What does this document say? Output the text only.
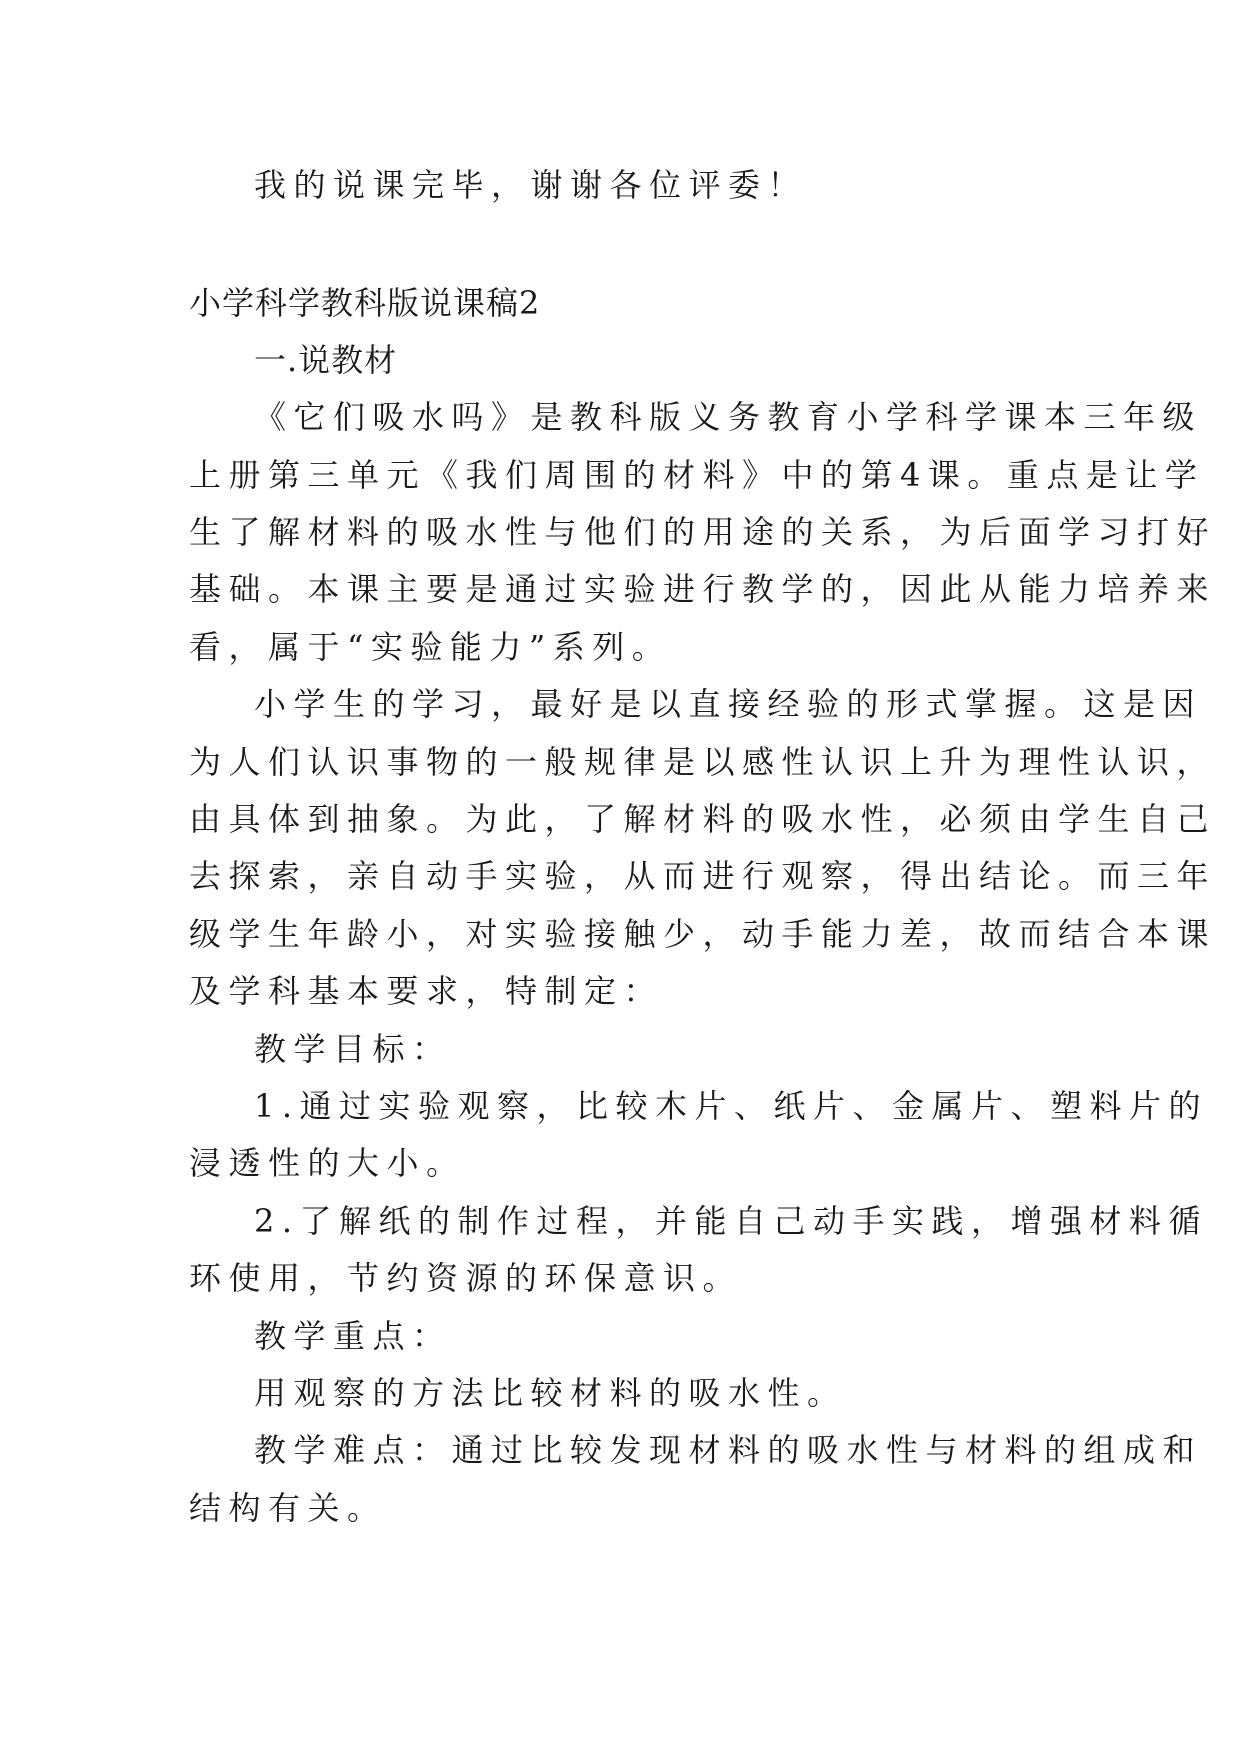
我的说课完毕，谢谢各位评委！
小学科学教科版说课稿2
一.说教材
《它们吸水吗》是教科版义务教育小学科学课本三年级
上册第三单元《我们周围的材料》中的第4课。重点是让学
生了解材料的吸水性与他们的用途的关系，为后面学习打好
基础。本课主要是通过实验进行教学的，因此从能力培养来
看，属于“实验能力”系列。
小学生的学习，最好是以直接经验的形式掌握。这是因
为人们认识事物的一般规律是以感性认识上升为理性认识，
由具体到抽象。为此，了解材料的吸水性，必须由学生自己
去探索，亲自动手实验，从而进行观察，得出结论。而三年
级学生年龄小，对实验接触少，动手能力差，故而结合本课
及学科基本要求，特制定：
教学目标：
1.通过实验观察，比较木片、纸片、金属片、塑料片的
浸透性的大小。
2.了解纸的制作过程，并能自己动手实践，增强材料循
环使用，节约资源的环保意识。
教学重点：
用观察的方法比较材料的吸水性。
教学难点：通过比较发现材料的吸水性与材料的组成和
结构有关。
